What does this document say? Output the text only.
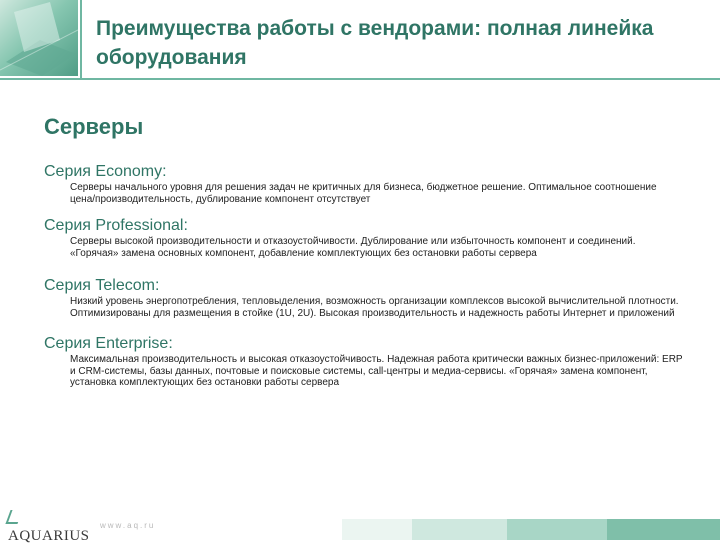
Преимущества работы с вендорами: полная линейка оборудования
Серверы

Серия Economy:

Серверы начального уровня для решения задач не критичных для бизнеса, бюджетное решение. Оптимальное соотношение цена/производительность, дублирование компонент отсутствует

Серия Professional:

Серверы высокой производительности и отказоустойчивости. Дублирование или избыточность компонент и соединений. «Горячая» замена основных компонент, добавление комплектующих без остановки работы сервера

Серия Telecom:

Низкий уровень энергопотребления, тепловыделения, возможность организации комплексов высокой вычислительной плотности. Оптимизированы для размещения в стойке (1U, 2U). Высокая производительность и надежность работы Интернет и приложений

Серия Enterprise:

Максимальная производительность и высокая отказоустойчивость. Надежная работа критически важных бизнес-приложений: ERP и CRM-системы, базы данных, почтовые и поисковые системы, call-центры и медиа-сервисы. «Горячая» замена компонент, установка комплектующих без остановки работы сервера

AQUARIUS
www.aq.ru
